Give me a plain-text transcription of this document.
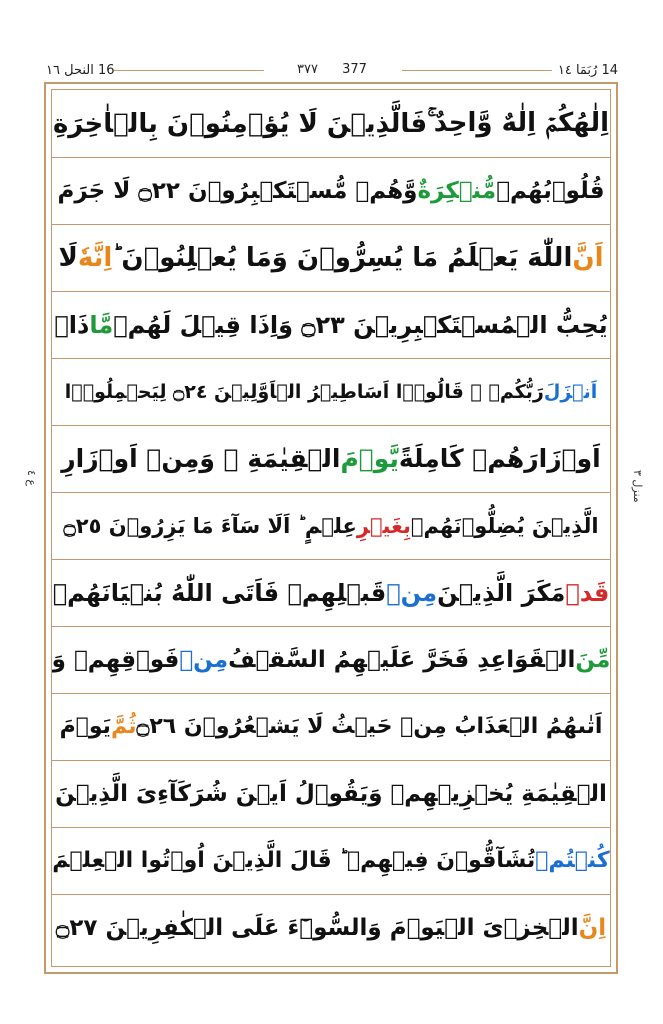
16 النحل ١٦	٣٧٧ 377	14 رُبَمَا ١٤
ع ٤
منزل ٣
اِلٰهُكُمۡ اِلٰهٌ وَّاحِدٌ ۚ
فَالَّذِيۡنَ لَا يُؤۡمِنُوۡنَ بِالۡاٰخِرَةِ
قُلُوۡبُهُمۡ
مُّنۡكِرَةٌ
وَّهُمۡ مُّسۡتَكۡبِرُوۡنَ ۝٢٢ لَا جَرَمَ
اَنَّ
اللّٰهَ يَعۡلَمُ مَا يُسِرُّوۡنَ وَمَا يُعۡلِنُوۡنَ ؕ
اِنَّهٗ
لَا
يُحِبُّ الۡمُسۡتَكۡبِرِيۡنَ ۝٢٣ وَاِذَا قِيۡلَ لَهُمۡ
مَّا
ذَاۤ
اَنۡزَلَ
رَبُّكُمۡ ۙ قَالُوۡۤا اَسَاطِيۡرُ الۡاَوَّلِيۡنَ ۝٢٤ لِيَحۡمِلُوۡۤا
اَوۡزَارَهُمۡ كَامِلَةً
يَّوۡمَ
الۡقِيٰمَةِ ۙ وَمِنۡ اَوۡزَارِ
الَّذِيۡنَ يُضِلُّوۡنَهُمۡ
بِغَيۡرِ
عِلۡمٍ ؕ اَلَا سَآءَ مَا يَزِرُوۡنَ ۝٢٥
قَدۡ
مَكَرَ الَّذِيۡنَ
مِنۡ
قَبۡلِهِمۡ فَاَتَى اللّٰهُ بُنۡيَانَهُمۡ
مِّنَ
الۡقَوَاعِدِ فَخَرَّ عَلَيۡهِمُ السَّقۡفُ
مِنۡ
فَوۡقِهِمۡ وَ
اَتٰٮهُمُ الۡعَذَابُ مِنۡ حَيۡثُ لَا يَشۡعُرُوۡنَ ۝٢٦
ثُمَّ
يَوۡمَ
الۡقِيٰمَةِ يُخۡزِيۡهِمۡ وَيَقُوۡلُ اَيۡنَ شُرَكَآءِىَ الَّذِيۡنَ
كُنۡتُمۡ
تُشَآقُّوۡنَ فِيۡهِمۡ ؕ قَالَ الَّذِيۡنَ اُوۡتُوا الۡعِلۡمَ
اِنَّ
الۡخِزۡىَ الۡيَوۡمَ وَالسُّوۡٓءَ عَلَى الۡكٰفِرِيۡنَ ۝٢٧
